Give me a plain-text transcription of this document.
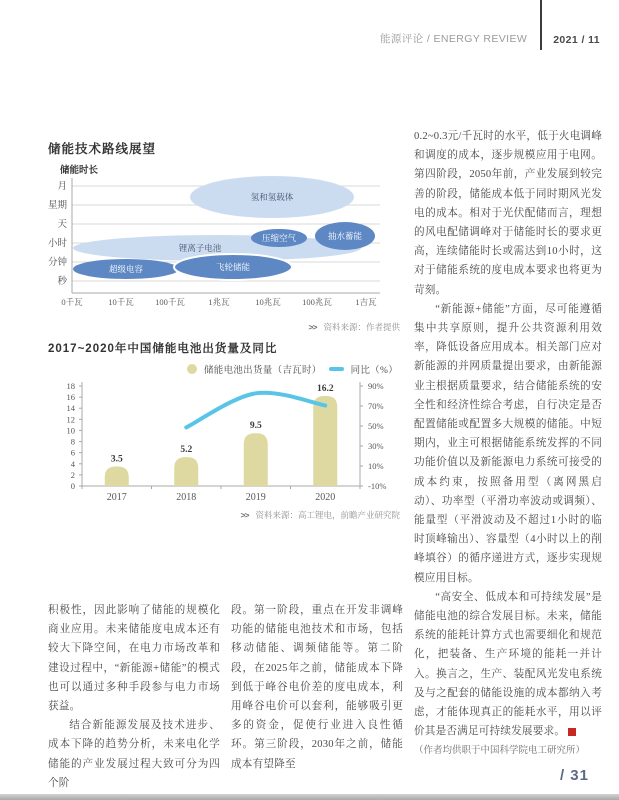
能源评论 / ENERGY REVIEW 2021 / 11
储能技术路线展望
储能时长
月
星期
天
小时
分钟
秒
0千瓦	10千瓦	100千瓦	1兆瓦	10兆瓦	100兆瓦	1吉瓦
氢和氢载体
锂离子电池
超级电容	飞轮储能
压缩空气	抽水蓄能
>> 资料来源：作者提供
2017~2020年中国储能电池出货量及同比
储能电池出货量（吉瓦时）	同比（%）
0
2
4
6
8
10
12
14
16
18	90%
70%
50%
30%
10%
-10%
2017	2018	2019	2020
3.5
5.2
9.5
16.2
>> 资料来源：高工锂电，前瞻产业研究院

积极性，因此影响了储能的规模化商业应用。未来储能度电成本还有较大下降空间，在电力市场改革和建设过程中，“新能源+储能”的模式也可以通过多种手段参与电力市场获益。

结合新能源发展及技术进步、成本下降的趋势分析，未来电化学储能的产业发展过程大致可分为四个阶

段。第一阶段，重点在开发非调峰功能的储能电池技术和市场，包括移动储能、调频储能等。第二阶段，在2025年之前，储能成本下降到低于峰谷电价差的度电成本，利用峰谷电价可以套利，能够吸引更多的资金，促使行业进入良性循环。第三阶段，2030年之前，储能成本有望降至

0.2~0.3元/千瓦时的水平，低于火电调峰和调度的成本，逐步规模应用于电网。第四阶段，2050年前，产业发展到较完善的阶段，储能成本低于同时期风光发电的成本。相对于光伏配储而言，理想的风电配储调峰对于储能时长的要求更高，连续储能时长或需达到10小时，这对于储能系统的度电成本要求也将更为苛刻。

“新能源+储能”方面，尽可能遵循集中共享原则，提升公共资源利用效率，降低设备应用成本。相关部门应对新能源的并网质量提出要求，由新能源业主根据质量要求，结合储能系统的安全性和经济性综合考虑，自行决定是否配置储能或配置多大规模的储能。中短期内，业主可根据储能系统发挥的不同功能价值以及新能源电力系统可接受的成本约束，按照备用型（离网黑启动）、功率型（平滑功率波动或调频）、能量型（平滑波动及不超过1小时的临时顶峰输出）、容量型（4小时以上的削峰填谷）的循序递进方式，逐步实现规模应用目标。

“高安全、低成本和可持续发展”是储能电池的综合发展目标。未来，储能系统的能耗计算方式也需要细化和规范化，把装备、生产环境的能耗一并计入。换言之，生产、装配风光发电系统及与之配套的储能设施的成本都纳入考虑，才能体现真正的能耗水平，用以评价其是否满足可持续发展要求。	E

（作者均供职于中国科学院电工研究所）

/ 31
